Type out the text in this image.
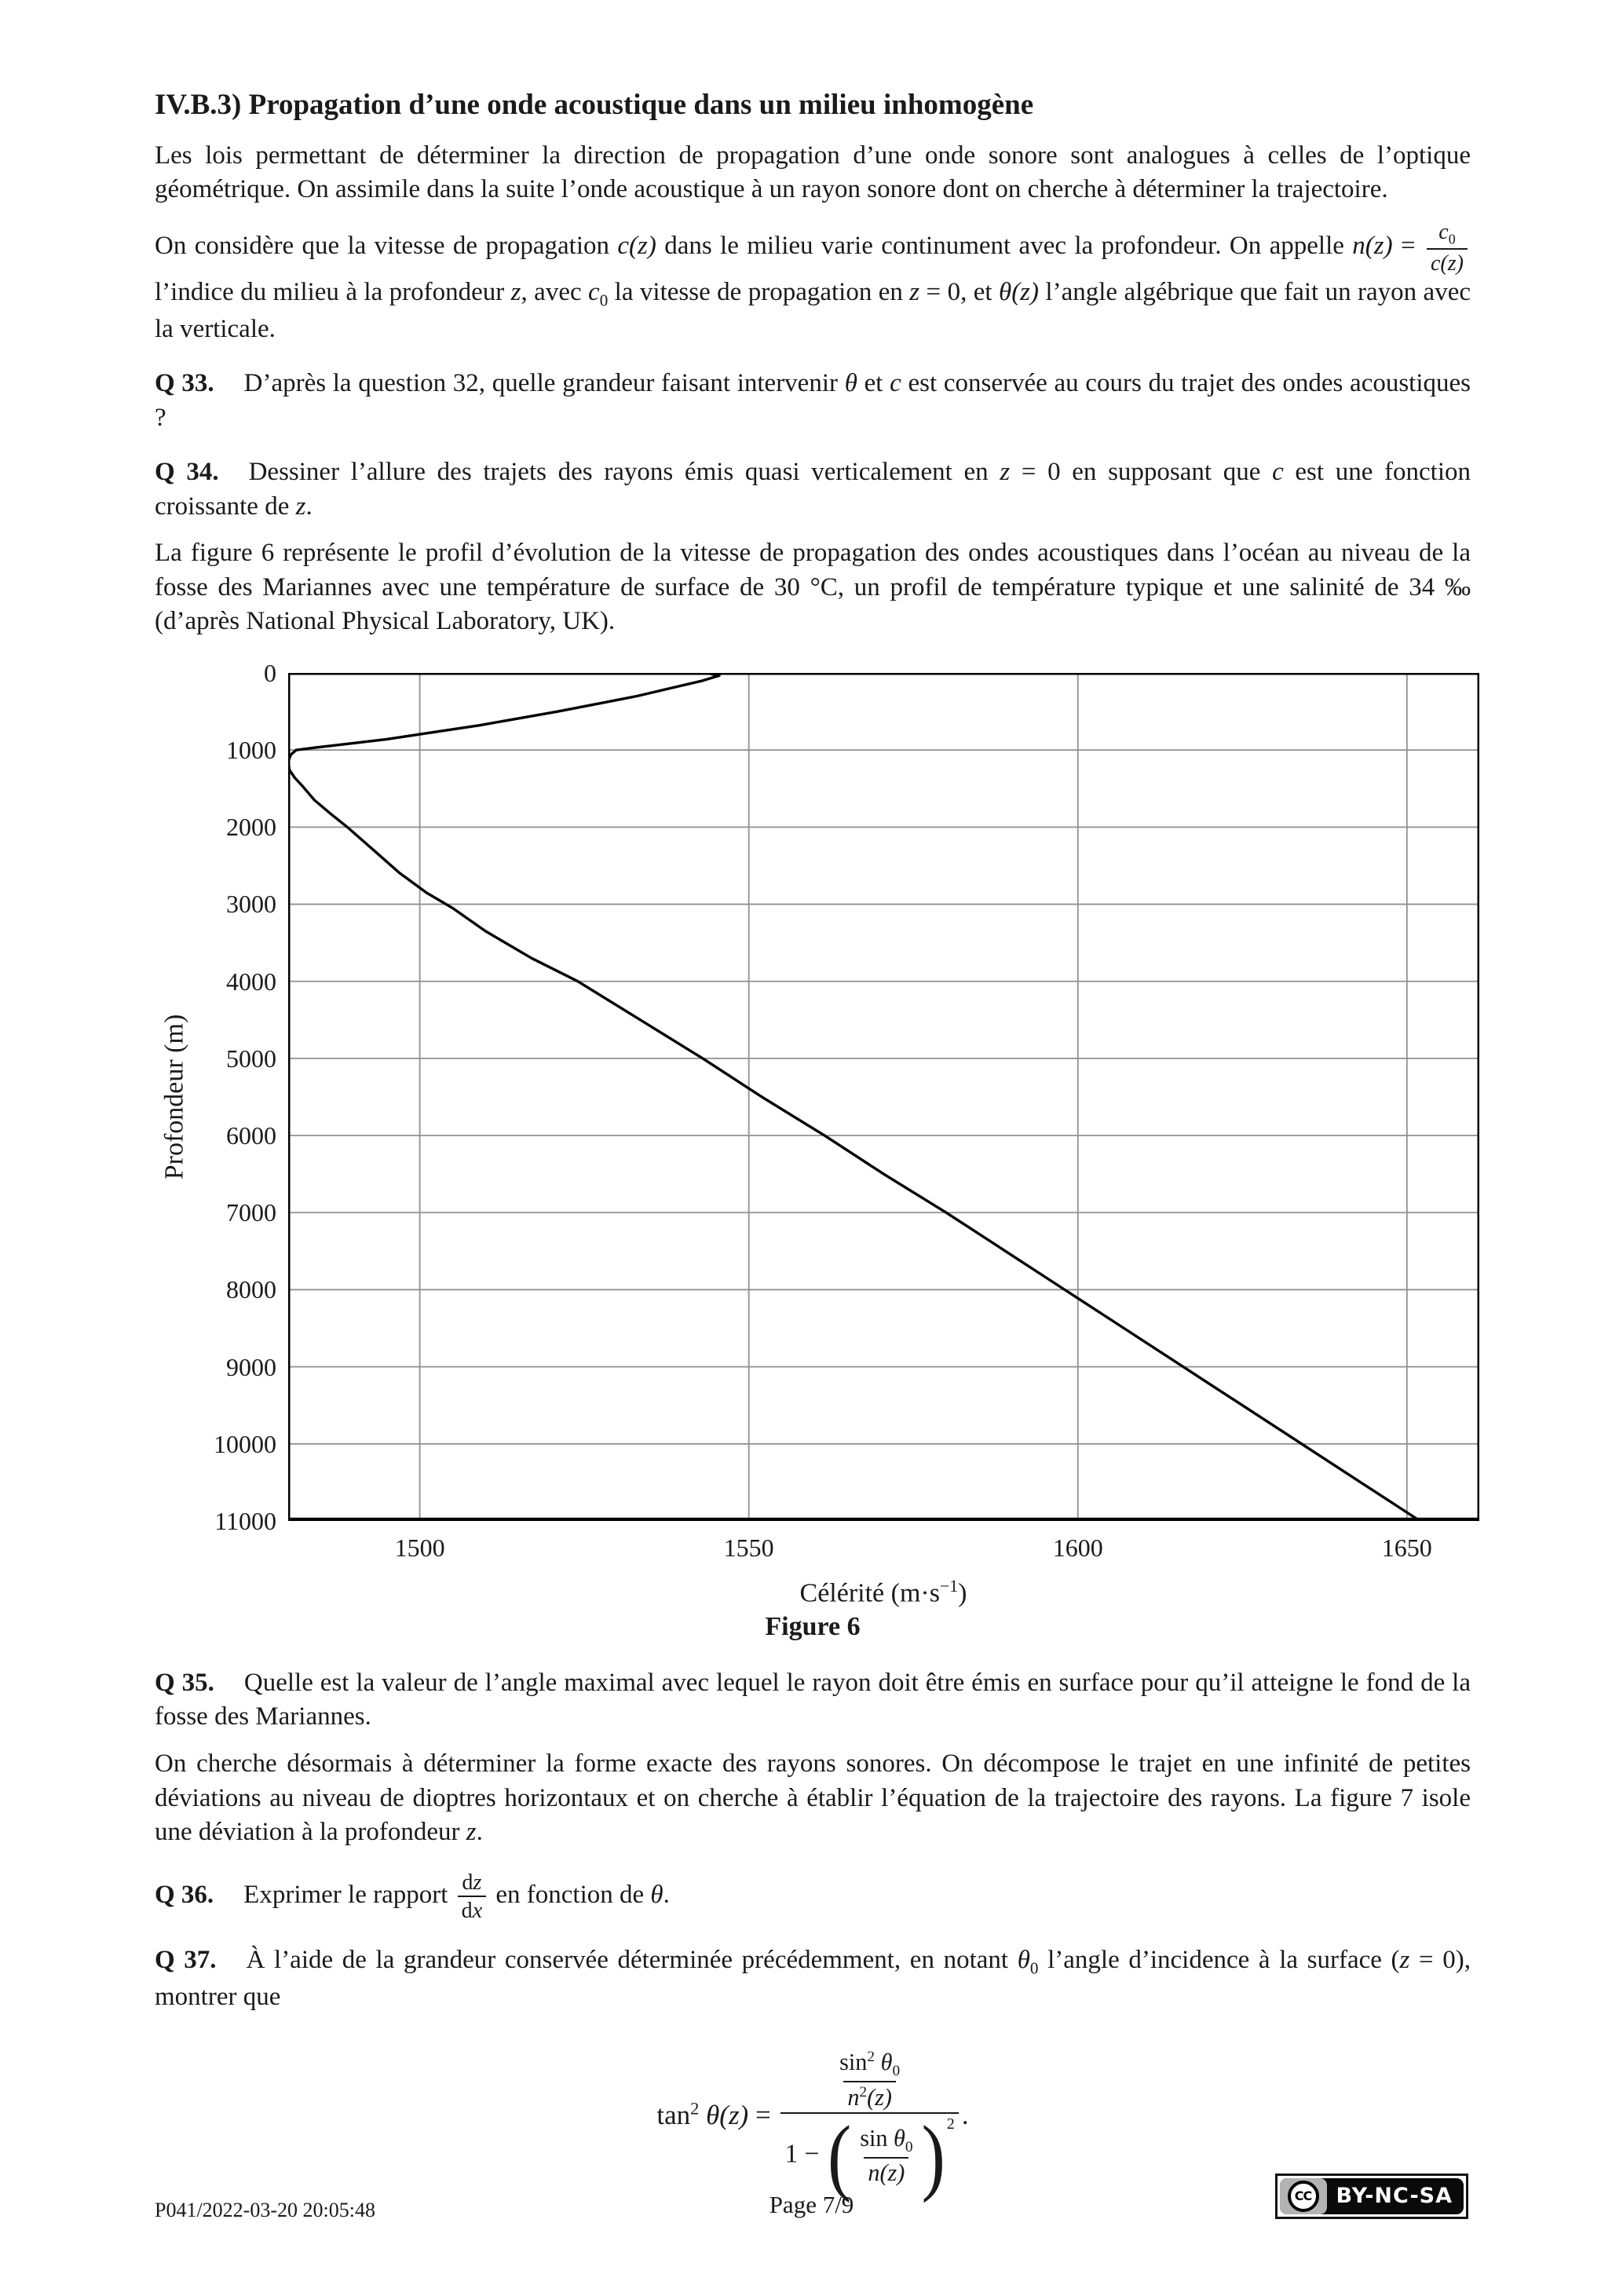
IV.B.3) Propagation d’une onde acoustique dans un milieu inhomogène
Les lois permettant de déterminer la direction de propagation d’une onde sonore sont analogues à celles de l’optique géométrique. On assimile dans la suite l’onde acoustique à un rayon sonore dont on cherche à déterminer la trajectoire.
On considère que la vitesse de propagation c(z) dans le milieu varie continument avec la profondeur. On appelle $n(z) = \frac{c_0}{c(z)}$
l’indice du milieu à la profondeur z, avec $c_0$ la vitesse de propagation en z = 0, et θ(z) l’angle algébrique que fait un rayon avec la verticale.
Q 33. D’après la question 32, quelle grandeur faisant intervenir θ et c est conservée au cours du trajet des ondes acoustiques ?
Q 34. Dessiner l’allure des trajets des rayons émis quasi verticalement en z = 0 en supposant que c est une fonction croissante de z.
La figure 6 représente le profil d’évolution de la vitesse de propagation des ondes acoustiques dans l’océan au niveau de la fosse des Mariannes avec une température de surface de 30 °C, un profil de température typique et une salinité de 34 ‰ (d’après National Physical Laboratory, UK).
Profondeur (m)
Célérité $(m\cdot s^{-1})$
Figure 6
0
1000
2000
3000
4000
5000
6000
7000
8000
9000
10000
11000
1500	1550	1600	1650
Q 35. Quelle est la valeur de l’angle maximal avec lequel le rayon doit être émis en surface pour qu’il atteigne le fond de la fosse des Mariannes.
On cherche désormais à déterminer la forme exacte des rayons sonores. On décompose le trajet en une infinité de petites déviations au niveau de dioptres horizontaux et on cherche à établir l’équation de la trajectoire des rayons. La figure 7 isole une déviation à la profondeur z.
Q 36. Exprimer le rapport $\frac{dz}{dx}$ en fonction de θ.
Q 37. À l’aide de la grandeur conservée déterminée précédemment, en notant $\theta_0$ l’angle d’incidence à la surface (z = 0), montrer que
$\tan^2 \theta(z) = \frac{\frac{\sin^2 \theta_0}{n^2(z)}}{1 - ( \frac{\sin \theta_0}{n(z)} ) ^2}$ .
P041/2022-03-20 20:05:48	Page 7/9	CC	BY-NC-SA
